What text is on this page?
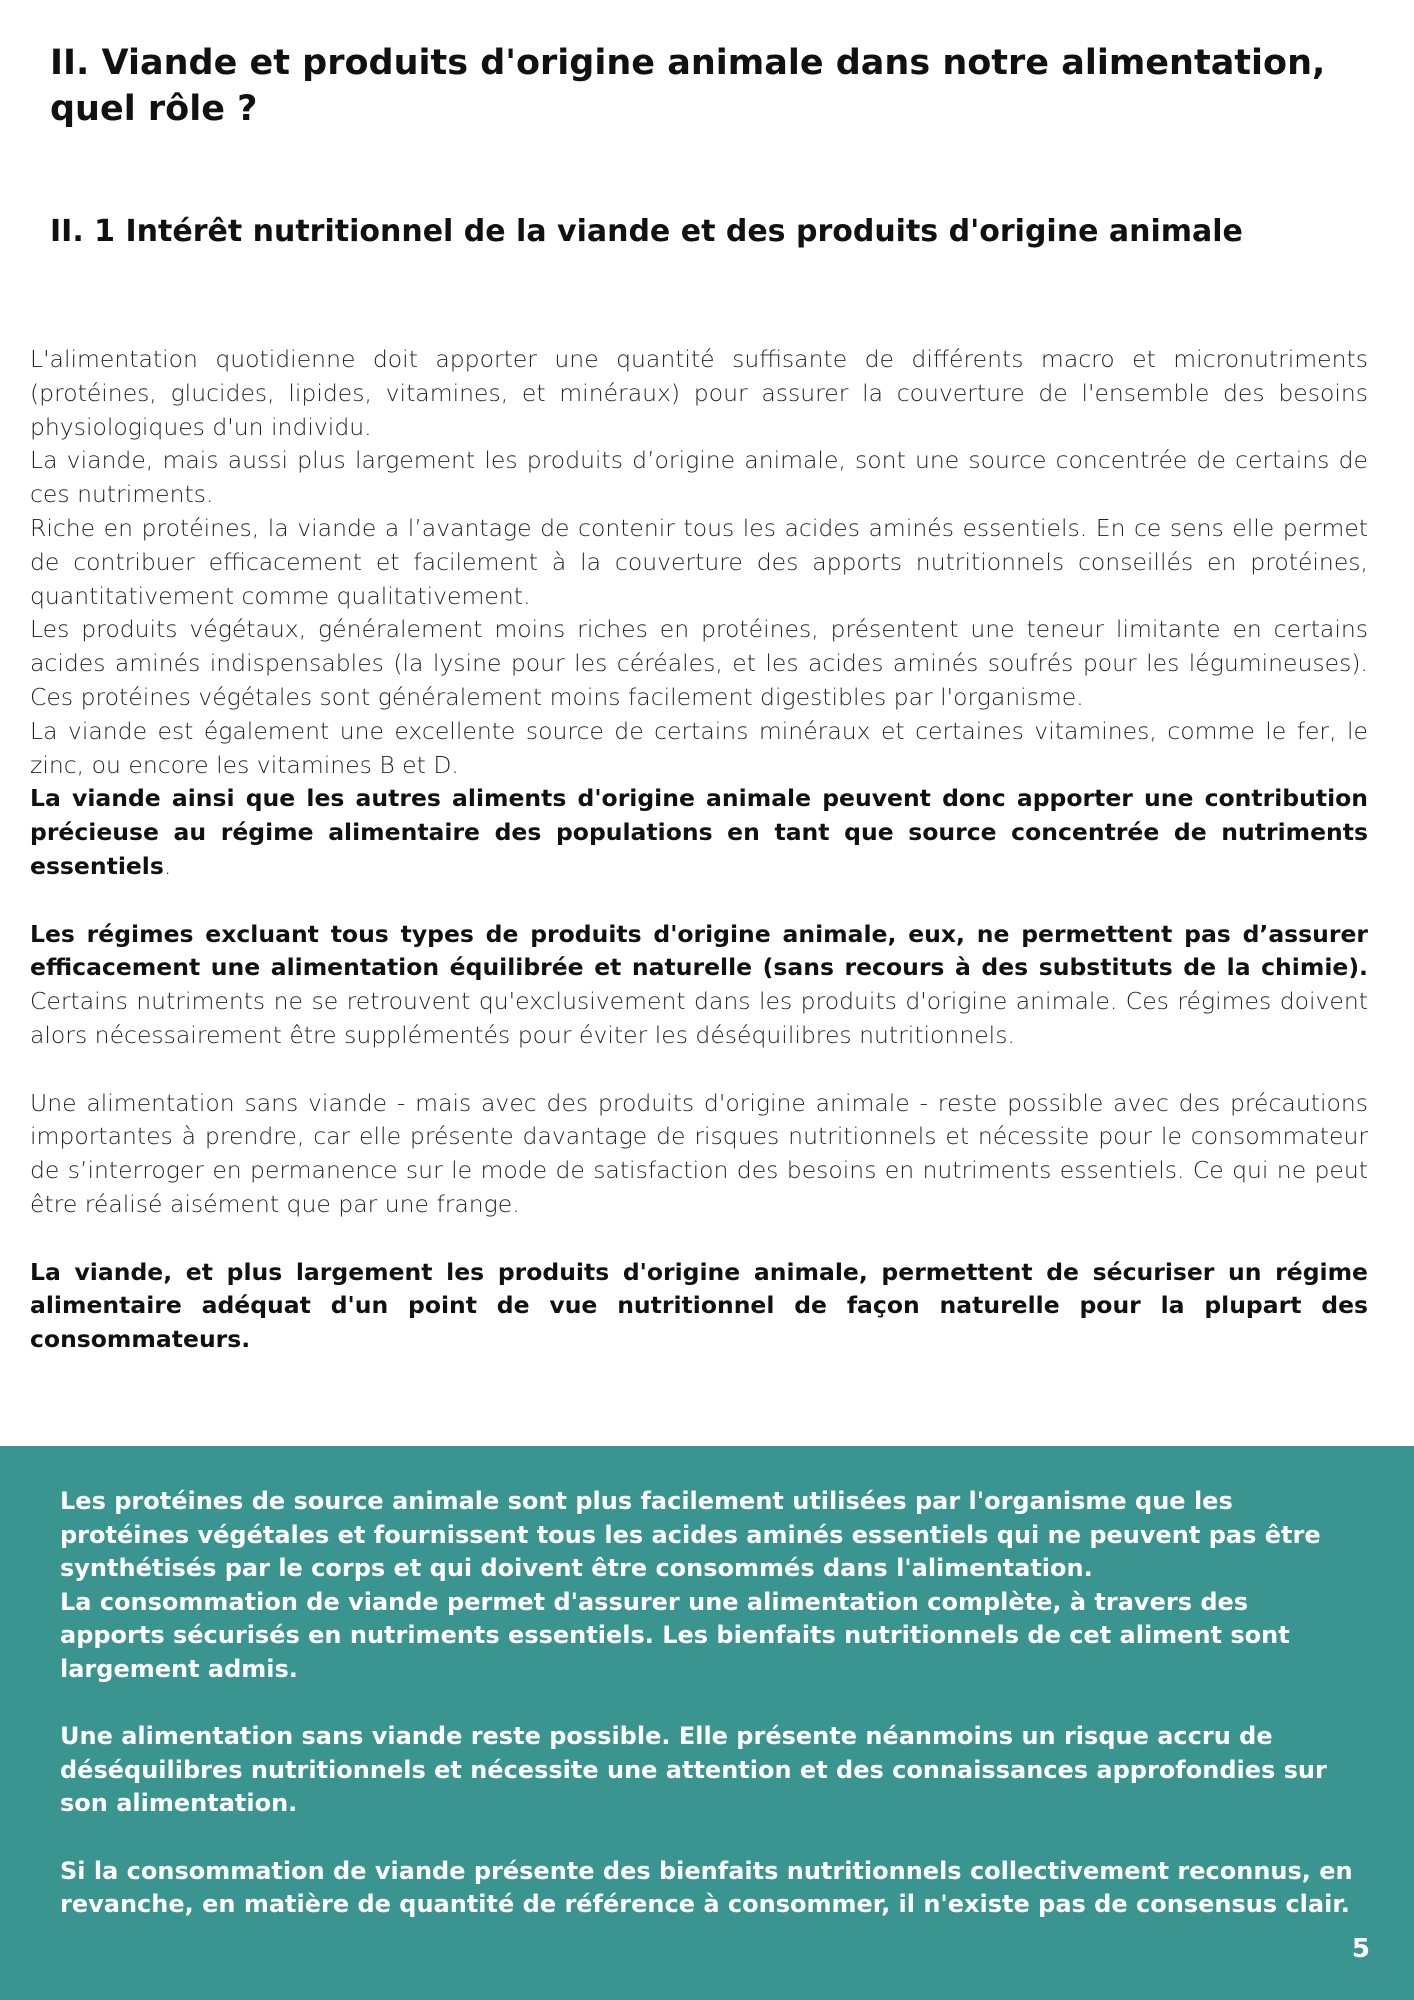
II. Viande et produits d'origine animale dans notre alimentation, quel rôle ?
II. 1 Intérêt nutritionnel de la viande et des produits d'origine animale

L'alimentation quotidienne doit apporter une quantité suffisante de différents macro et micronutriments (protéines, glucides, lipides, vitamines, et minéraux) pour assurer la couverture de l'ensemble des besoins physiologiques d'un individu.

La viande, mais aussi plus largement les produits d’origine animale, sont une source concentrée de certains de ces nutriments.

Riche en protéines, la viande a l’avantage de contenir tous les acides aminés essentiels. En ce sens elle permet de contribuer efficacement et facilement à la couverture des apports nutritionnels conseillés en protéines, quantitativement comme qualitativement.

Les produits végétaux, généralement moins riches en protéines, présentent une teneur limitante en certains acides aminés indispensables (la lysine pour les céréales, et les acides aminés soufrés pour les légumineuses). Ces protéines végétales sont généralement moins facilement digestibles par l'organisme.

La viande est également une excellente source de certains minéraux et certaines vitamines, comme le fer, le zinc, ou encore les vitamines B et D.

La viande ainsi que les autres aliments d'origine animale peuvent donc apporter une contribution précieuse au régime alimentaire des populations en tant que source concentrée de nutriments essentiels.

Les régimes excluant tous types de produits d'origine animale, eux, ne permettent pas d’assurer efficacement une alimentation équilibrée et naturelle (sans recours à des substituts de la chimie). Certains nutriments ne se retrouvent qu'exclusivement dans les produits d'origine animale. Ces régimes doivent alors nécessairement être supplémentés pour éviter les déséquilibres nutritionnels.

Une alimentation sans viande - mais avec des produits d'origine animale - reste possible avec des précautions importantes à prendre, car elle présente davantage de risques nutritionnels et nécessite pour le consommateur de s’interroger en permanence sur le mode de satisfaction des besoins en nutriments essentiels. Ce qui ne peut être réalisé aisément que par une frange.

La viande, et plus largement les produits d'origine animale, permettent de sécuriser un régime alimentaire adéquat d'un point de vue nutritionnel de façon naturelle pour la plupart des consommateurs.

Les protéines de source animale sont plus facilement utilisées par l'organisme que les protéines végétales et fournissent tous les acides aminés essentiels qui ne peuvent pas être synthétisés par le corps et qui doivent être consommés dans l'alimentation.

La consommation de viande permet d'assurer une alimentation complète, à travers des apports sécurisés en nutriments essentiels. Les bienfaits nutritionnels de cet aliment sont largement admis.

Une alimentation sans viande reste possible. Elle présente néanmoins un risque accru de déséquilibres nutritionnels et nécessite une attention et des connaissances approfondies sur son alimentation.

Si la consommation de viande présente des bienfaits nutritionnels collectivement reconnus, en revanche, en matière de quantité de référence à consommer, il n'existe pas de consensus clair.

5
